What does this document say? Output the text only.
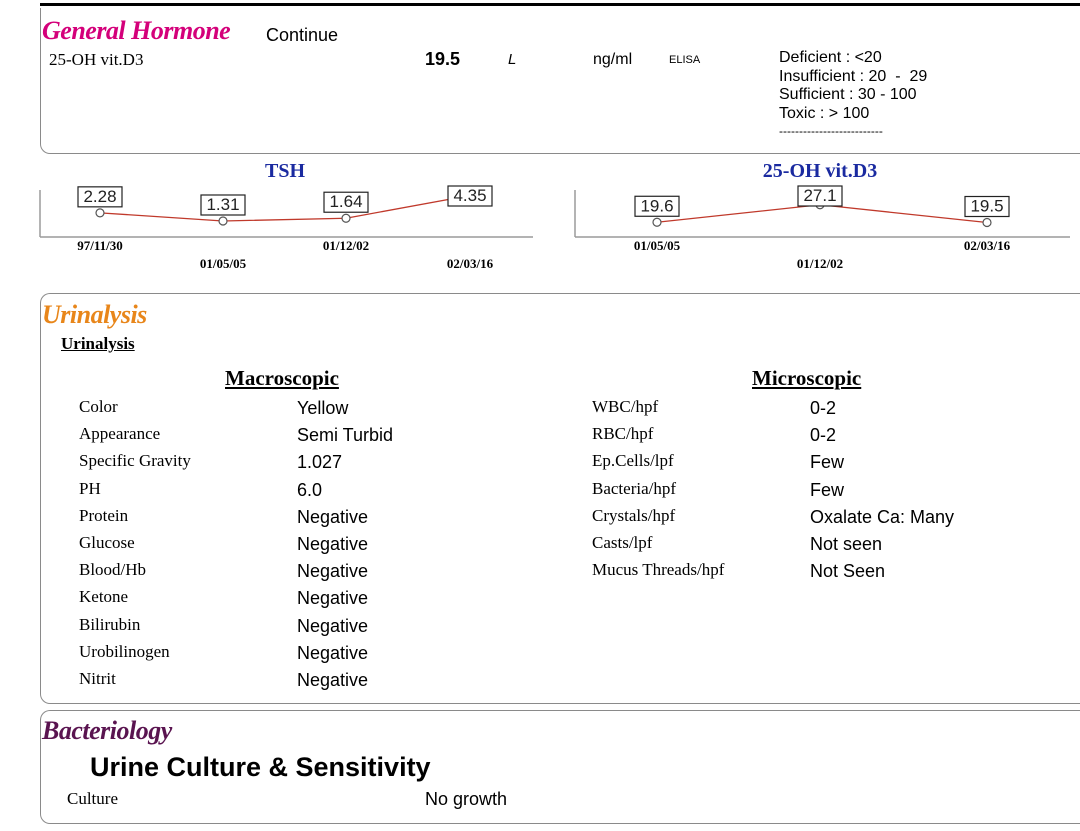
General Hormone Continue
25-OH vit.D3	19.5	L	ng/ml	ELISA	Deficient : <20
Insufficient : 20  -  29
Sufficient : 30 - 100
Toxic : > 100
--------------------------
TSH
2.28
97/11/30
1.31
01/05/05
1.64
01/12/02
4.35
02/03/16
25-OH vit.D3
19.6
01/05/05
27.1
01/12/02
19.5
02/03/16
Urinalysis
Urinalysis
Macroscopic	Microscopic
Color	Yellow
Appearance	Semi Turbid
Specific Gravity	1.027
PH	6.0
Protein	Negative
Glucose	Negative
Blood/Hb	Negative
Ketone	Negative
Bilirubin	Negative
Urobilinogen	Negative
Nitrit	Negative
WBC/hpf	0-2
RBC/hpf	0-2
Ep.Cells/lpf	Few
Bacteria/hpf	Few
Crystals/hpf	Oxalate Ca: Many
Casts/lpf	Not seen
Mucus Threads/hpf	Not Seen
Bacteriology
Urine Culture & Sensitivity
Culture	No growth
